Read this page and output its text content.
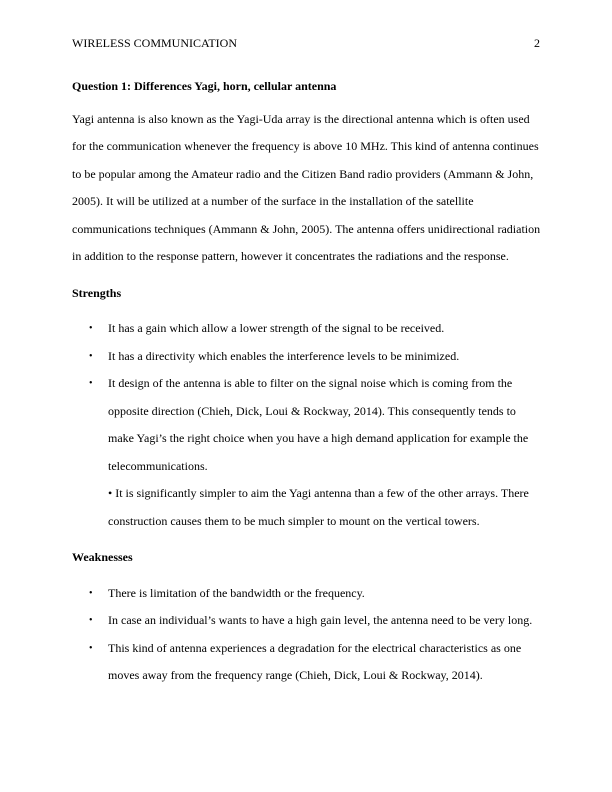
WIRELESS COMMUNICATION	2

Question 1: Differences Yagi, horn, cellular antenna

Yagi antenna is also known as the Yagi-Uda array is the directional antenna which is often used for the communication whenever the frequency is above 10 MHz. This kind of antenna continues to be popular among the Amateur radio and the Citizen Band radio providers (Ammann & John, 2005). It will be utilized at a number of the surface in the installation of the satellite communications techniques (Ammann & John, 2005). The antenna offers unidirectional radiation in addition to the response pattern, however it concentrates the radiations and the response.

Strengths

• It has a gain which allow a lower strength of the signal to be received.
• It has a directivity which enables the interference levels to be minimized.
• It design of the antenna is able to filter on the signal noise which is coming from the opposite direction (Chieh, Dick, Loui & Rockway, 2014). This consequently tends to make Yagi’s the right choice when you have a high demand application for example the telecommunications.

• It is significantly simpler to aim the Yagi antenna than a few of the other arrays. There construction causes them to be much simpler to mount on the vertical towers.

Weaknesses

• There is limitation of the bandwidth or the frequency.
• In case an individual’s wants to have a high gain level, the antenna need to be very long.
• This kind of antenna experiences a degradation for the electrical characteristics as one moves away from the frequency range (Chieh, Dick, Loui & Rockway, 2014).
